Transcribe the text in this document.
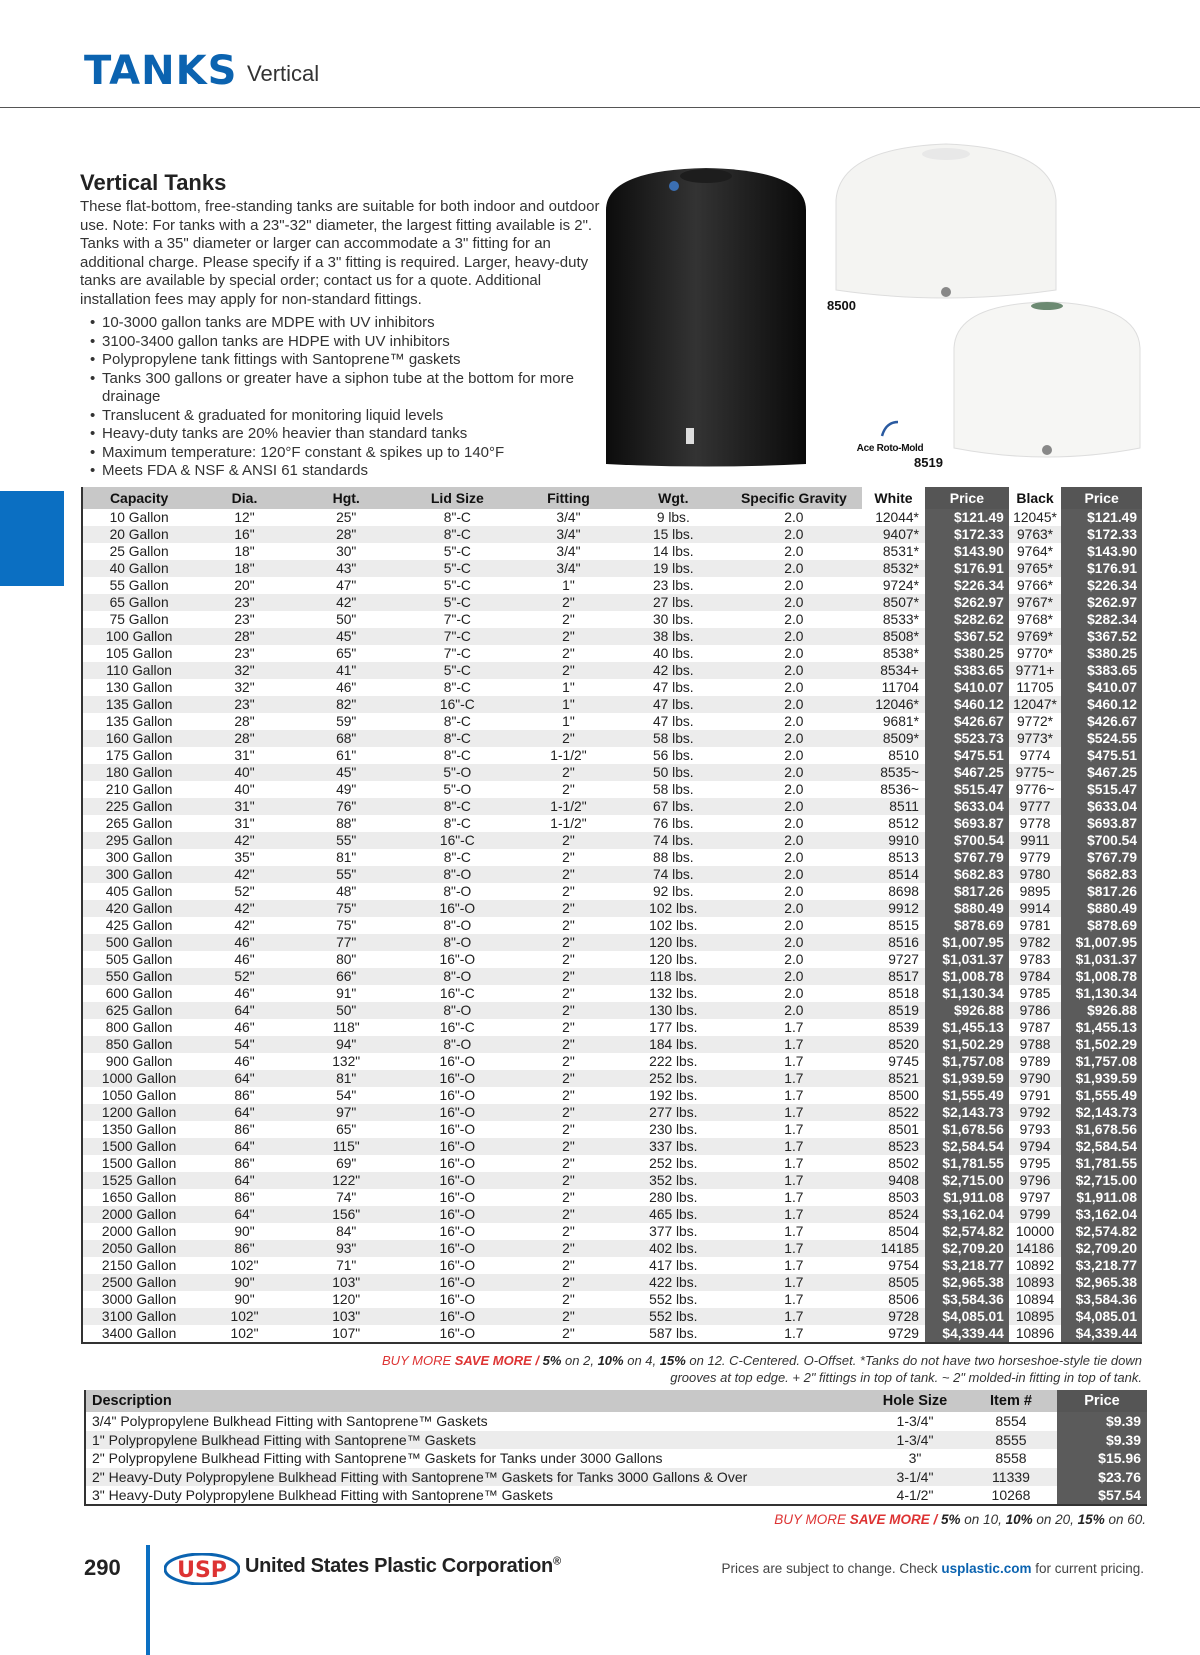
TANKS Vertical
Vertical Tanks
These flat-bottom, free-standing tanks are suitable for both indoor and outdoor use. Note: For tanks with a 23"-32" diameter, the largest fitting available is 2". Tanks with a 35" diameter or larger can accommodate a 3" fitting for an additional charge. Please specify if a 3" fitting is required. Larger, heavy-duty tanks are available by special order; contact us for a quote. Additional installation fees may apply for non-standard fittings.
• 10-3000 gallon tanks are MDPE with UV inhibitors
• 3100-3400 gallon tanks are HDPE with UV inhibitors
• Polypropylene tank fittings with Santoprene™ gaskets
• Tanks 300 gallons or greater have a siphon tube at the bottom for more drainage
• Translucent & graduated for monitoring liquid levels
• Heavy-duty tanks are 20% heavier than standard tanks
• Maximum temperature: 120°F constant & spikes up to 140°F
• Meets FDA & NSF & ANSI 61 standards
8500
8519
Ace Roto-Mold
Capacity	Dia.	Hgt.	Lid Size	Fitting	Wgt.	Specific Gravity	White	Price	Black	Price
10 Gallon	12"	25"	8"-C	3/4"	9 lbs.	2.0	12044*	$121.49	12045*	$121.49
20 Gallon	16"	28"	8"-C	3/4"	15 lbs.	2.0	9407*	$172.33	9763*	$172.33
25 Gallon	18"	30"	5"-C	3/4"	14 lbs.	2.0	8531*	$143.90	9764*	$143.90
40 Gallon	18"	43"	5"-C	3/4"	19 lbs.	2.0	8532*	$176.91	9765*	$176.91
55 Gallon	20"	47"	5"-C	1"	23 lbs.	2.0	9724*	$226.34	9766*	$226.34
65 Gallon	23"	42"	5"-C	2"	27 lbs.	2.0	8507*	$262.97	9767*	$262.97
75 Gallon	23"	50"	7"-C	2"	30 lbs.	2.0	8533*	$282.62	9768*	$282.34
100 Gallon	28"	45"	7"-C	2"	38 lbs.	2.0	8508*	$367.52	9769*	$367.52
105 Gallon	23"	65"	7"-C	2"	40 lbs.	2.0	8538*	$380.25	9770*	$380.25
110 Gallon	32"	41"	5"-C	2"	42 lbs.	2.0	8534+	$383.65	9771+	$383.65
130 Gallon	32"	46"	8"-C	1"	47 lbs.	2.0	11704	$410.07	11705	$410.07
135 Gallon	23"	82"	16"-C	1"	47 lbs.	2.0	12046*	$460.12	12047*	$460.12
135 Gallon	28"	59"	8"-C	1"	47 lbs.	2.0	9681*	$426.67	9772*	$426.67
160 Gallon	28"	68"	8"-C	2"	58 lbs.	2.0	8509*	$523.73	9773*	$524.55
175 Gallon	31"	61"	8"-C	1-1/2"	56 lbs.	2.0	8510	$475.51	9774	$475.51
180 Gallon	40"	45"	5"-O	2"	50 lbs.	2.0	8535~	$467.25	9775~	$467.25
210 Gallon	40"	49"	5"-O	2"	58 lbs.	2.0	8536~	$515.47	9776~	$515.47
225 Gallon	31"	76"	8"-C	1-1/2"	67 lbs.	2.0	8511	$633.04	9777	$633.04
265 Gallon	31"	88"	8"-C	1-1/2"	76 lbs.	2.0	8512	$693.87	9778	$693.87
295 Gallon	42"	55"	16"-C	2"	74 lbs.	2.0	9910	$700.54	9911	$700.54
300 Gallon	35"	81"	8"-C	2"	88 lbs.	2.0	8513	$767.79	9779	$767.79
300 Gallon	42"	55"	8"-O	2"	74 lbs.	2.0	8514	$682.83	9780	$682.83
405 Gallon	52"	48"	8"-O	2"	92 lbs.	2.0	8698	$817.26	9895	$817.26
420 Gallon	42"	75"	16"-O	2"	102 lbs.	2.0	9912	$880.49	9914	$880.49
425 Gallon	42"	75"	8"-O	2"	102 lbs.	2.0	8515	$878.69	9781	$878.69
500 Gallon	46"	77"	8"-O	2"	120 lbs.	2.0	8516	$1,007.95	9782	$1,007.95
505 Gallon	46"	80"	16"-O	2"	120 lbs.	2.0	9727	$1,031.37	9783	$1,031.37
550 Gallon	52"	66"	8"-O	2"	118 lbs.	2.0	8517	$1,008.78	9784	$1,008.78
600 Gallon	46"	91"	16"-C	2"	132 lbs.	2.0	8518	$1,130.34	9785	$1,130.34
625 Gallon	64"	50"	8"-O	2"	130 lbs.	2.0	8519	$926.88	9786	$926.88
800 Gallon	46"	118"	16"-C	2"	177 lbs.	1.7	8539	$1,455.13	9787	$1,455.13
850 Gallon	54"	94"	8"-O	2"	184 lbs.	1.7	8520	$1,502.29	9788	$1,502.29
900 Gallon	46"	132"	16"-O	2"	222 lbs.	1.7	9745	$1,757.08	9789	$1,757.08
1000 Gallon	64"	81"	16"-O	2"	252 lbs.	1.7	8521	$1,939.59	9790	$1,939.59
1050 Gallon	86"	54"	16"-O	2"	192 lbs.	1.7	8500	$1,555.49	9791	$1,555.49
1200 Gallon	64"	97"	16"-O	2"	277 lbs.	1.7	8522	$2,143.73	9792	$2,143.73
1350 Gallon	86"	65"	16"-O	2"	230 lbs.	1.7	8501	$1,678.56	9793	$1,678.56
1500 Gallon	64"	115"	16"-O	2"	337 lbs.	1.7	8523	$2,584.54	9794	$2,584.54
1500 Gallon	86"	69"	16"-O	2"	252 lbs.	1.7	8502	$1,781.55	9795	$1,781.55
1525 Gallon	64"	122"	16"-O	2"	352 lbs.	1.7	9408	$2,715.00	9796	$2,715.00
1650 Gallon	86"	74"	16"-O	2"	280 lbs.	1.7	8503	$1,911.08	9797	$1,911.08
2000 Gallon	64"	156"	16"-O	2"	465 lbs.	1.7	8524	$3,162.04	9799	$3,162.04
2000 Gallon	90"	84"	16"-O	2"	377 lbs.	1.7	8504	$2,574.82	10000	$2,574.82
2050 Gallon	86"	93"	16"-O	2"	402 lbs.	1.7	14185	$2,709.20	14186	$2,709.20
2150 Gallon	102"	71"	16"-O	2"	417 lbs.	1.7	9754	$3,218.77	10892	$3,218.77
2500 Gallon	90"	103"	16"-O	2"	422 lbs.	1.7	8505	$2,965.38	10893	$2,965.38
3000 Gallon	90"	120"	16"-O	2"	552 lbs.	1.7	8506	$3,584.36	10894	$3,584.36
3100 Gallon	102"	103"	16"-O	2"	552 lbs.	1.7	9728	$4,085.01	10895	$4,085.01
3400 Gallon	102"	107"	16"-O	2"	587 lbs.	1.7	9729	$4,339.44	10896	$4,339.44
BUY MORE SAVE MORE / 5% on 2, 10% on 4, 15% on 12. C-Centered. O-Offset. *Tanks do not have two horseshoe-style tie down grooves at top edge. + 2" fittings in top of tank. ~ 2" molded-in fitting in top of tank.
Description	Hole Size	Item #	Price
3/4" Polypropylene Bulkhead Fitting with Santoprene™ Gaskets	1-3/4"	8554	$9.39
1" Polypropylene Bulkhead Fitting with Santoprene™ Gaskets	1-3/4"	8555	$9.39
2" Polypropylene Bulkhead Fitting with Santoprene™ Gaskets for Tanks under 3000 Gallons	3"	8558	$15.96
2" Heavy-Duty Polypropylene Bulkhead Fitting with Santoprene™ Gaskets for Tanks 3000 Gallons & Over	3-1/4"	11339	$23.76
3" Heavy-Duty Polypropylene Bulkhead Fitting with Santoprene™ Gaskets	4-1/2"	10268	$57.54
BUY MORE SAVE MORE / 5% on 10, 10% on 20, 15% on 60.
290	USP United States Plastic Corporation®	Prices are subject to change. Check usplastic.com for current pricing.
